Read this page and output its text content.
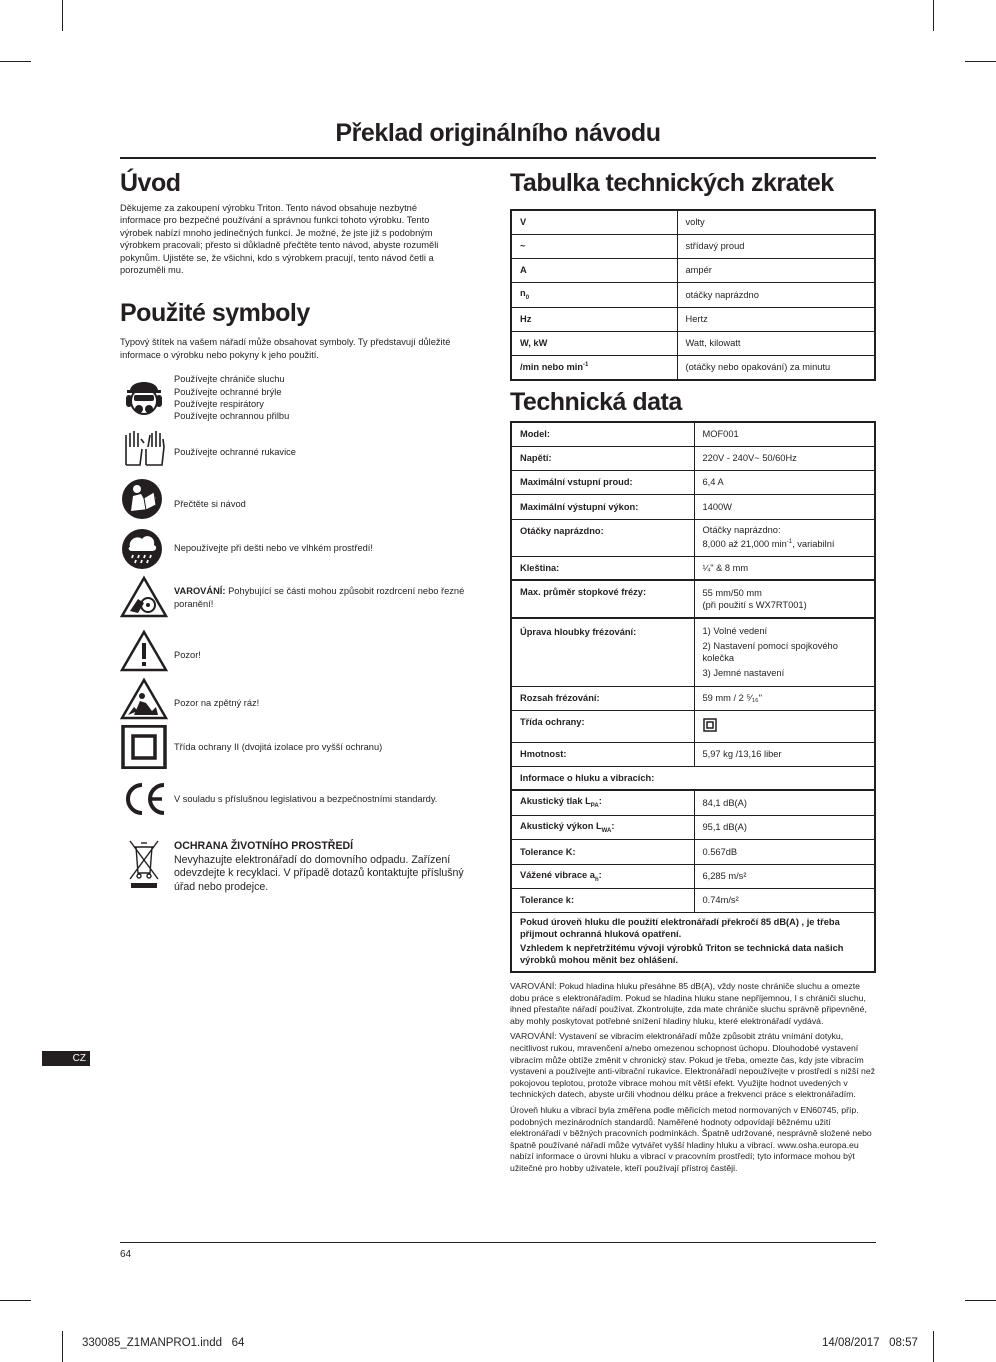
Překlad originálního návodu
Úvod

Děkujeme za zakoupení výrobku Triton. Tento návod obsahuje nezbytné informace pro bezpečné používání a správnou funkci tohoto výrobku. Tento výrobek nabízí mnoho jedinečných funkcí. Je možné, že jste již s podobným výrobkem pracovali; přesto si důkladně přečtěte tento návod, abyste rozuměli pokynům. Ujistěte se, že všichni, kdo s výrobkem pracují, tento návod četli a porozuměli mu.

Použité symboly

Typový štítek na vašem nářadí může obsahovat symboly. Ty představují důležité informace o výrobku nebo pokyny k jeho použití.

Používejte chrániče sluchu
Používejte ochranné brýle
Používejte respirátory
Používejte ochrannou přilbu
Používejte ochranné rukavice
Přečtěte si návod
Nepoužívejte při dešti nebo ve vlhkém prostředí!
VAROVÁNÍ: Pohybující se části mohou způsobit rozdrcení nebo řezné poranění!
Pozor!
Pozor na zpětný ráz!
Třída ochrany II (dvojitá izolace pro vyšší ochranu)
V souladu s příslušnou legislativou a bezpečnostními standardy.
OCHRANA ŽIVOTNÍHO PROSTŘEDÍ
Nevyhazujte elektronářadí do domovního odpadu. Zařízení odevzdejte k recyklaci. V případě dotazů kontaktujte příslušný úřad nebo prodejce.
Tabulka technických zkratek
V	volty
~	střídavý proud
A	ampér
$n_0$	otáčky naprázdno
Hz	Hertz
W, kW	Watt, kilowatt
/min nebo $\min^{-1}$	(otáčky nebo opakování) za minutu
Technická data
Model:	MOF001
Napětí:	220V - 240V~ 50/60Hz
Maximální vstupní proud:	6,4 A
Maximální výstupní výkon:	1400W
Otáčky naprázdno:	Otáčky naprázdno:
8,000 až 21,000 $\min^{-1}$, variabilní

Kleština:	¼" & 8 mm
Max. průměr stopkové frézy:	55 mm/50 mm
(při použití s WX7RT001)

Úprava hloubky frézování:	1) Volné vedení
2) Nastavení pomocí spojkového kolečka
3) Jemné nastavení

Rozsah frézování:	59 mm / 2 ⁵⁄₁₆"
Třída ochrany:	
Hmotnost:	5,97 kg /13,16 liber
Informace o hluku a vibracích:	
Akustický tlak $L_{PA}$:	84,1 dB(A)
Akustický výkon $L_{WA}$:	95,1 dB(A)
Tolerance K:	0.567dB
Vážené vibrace $a_h$:	6,285 m/s²
Tolerance k:	0.74m/s²

Pokud úroveň hluku dle použití elektronářadí překročí 85 dB(A) , je třeba přijmout ochranná hluková opatření.
Vzhledem k nepřetržitému vývoji výrobků Triton se technická data našich výrobků mohou měnit bez ohlášení.	

VAROVÁNÍ: Pokud hladina hluku přesáhne 85 dB(A), vždy noste chrániče sluchu a omezte dobu práce s elektronářadím. Pokud se hladina hluku stane nepříjemnou, I s chrániči sluchu, ihned přestaňte nářadí používat. Zkontrolujte, zda mate chrániče sluchu správně připevněné, aby mohly poskytovat potřebné snížení hladiny hluku, které elektronářadí vydává.

VAROVÁNÍ: Vystavení se vibracím elektronářadí může způsobit ztrátu vnímání dotyku, necitlivost rukou, mravenčení a/nebo omezenou schopnost úchopu. Dlouhodobé vystavení vibracím může obtíže změnit v chronický stav. Pokud je třeba, omezte čas, kdy jste vibracím vystaveni a používejte anti-vibrační rukavice. Elektronářadí nepoužívejte v prostředí s nižší než pokojovou teplotou, protože vibrace mohou mít větší efekt. Využijte hodnot uvedených v technických datech, abyste určili vhodnou délku práce a frekvenci práce s elektronářadím.

Úroveň hluku a vibrací byla změřena podle měřicích metod normovaných v EN60745, příp. podobných mezinárodních standardů. Naměřené hodnoty odpovídají běžnému užití elektronářadí v běžných pracovních podmínkách. Špatně udržované, nesprávně složené nebo špatně používané nářadí může vytvářet vyšší hladiny hluku a vibrací. www.osha.europa.eu nabízí informace o úrovni hluku a vibrací v pracovním prostředí; tyto informace mohou být užitečné pro hobby uživatele, kteří používají přístroj častěji.

CZ
64
330085_Z1MANPRO1.indd   64	14/08/2017   08:57
